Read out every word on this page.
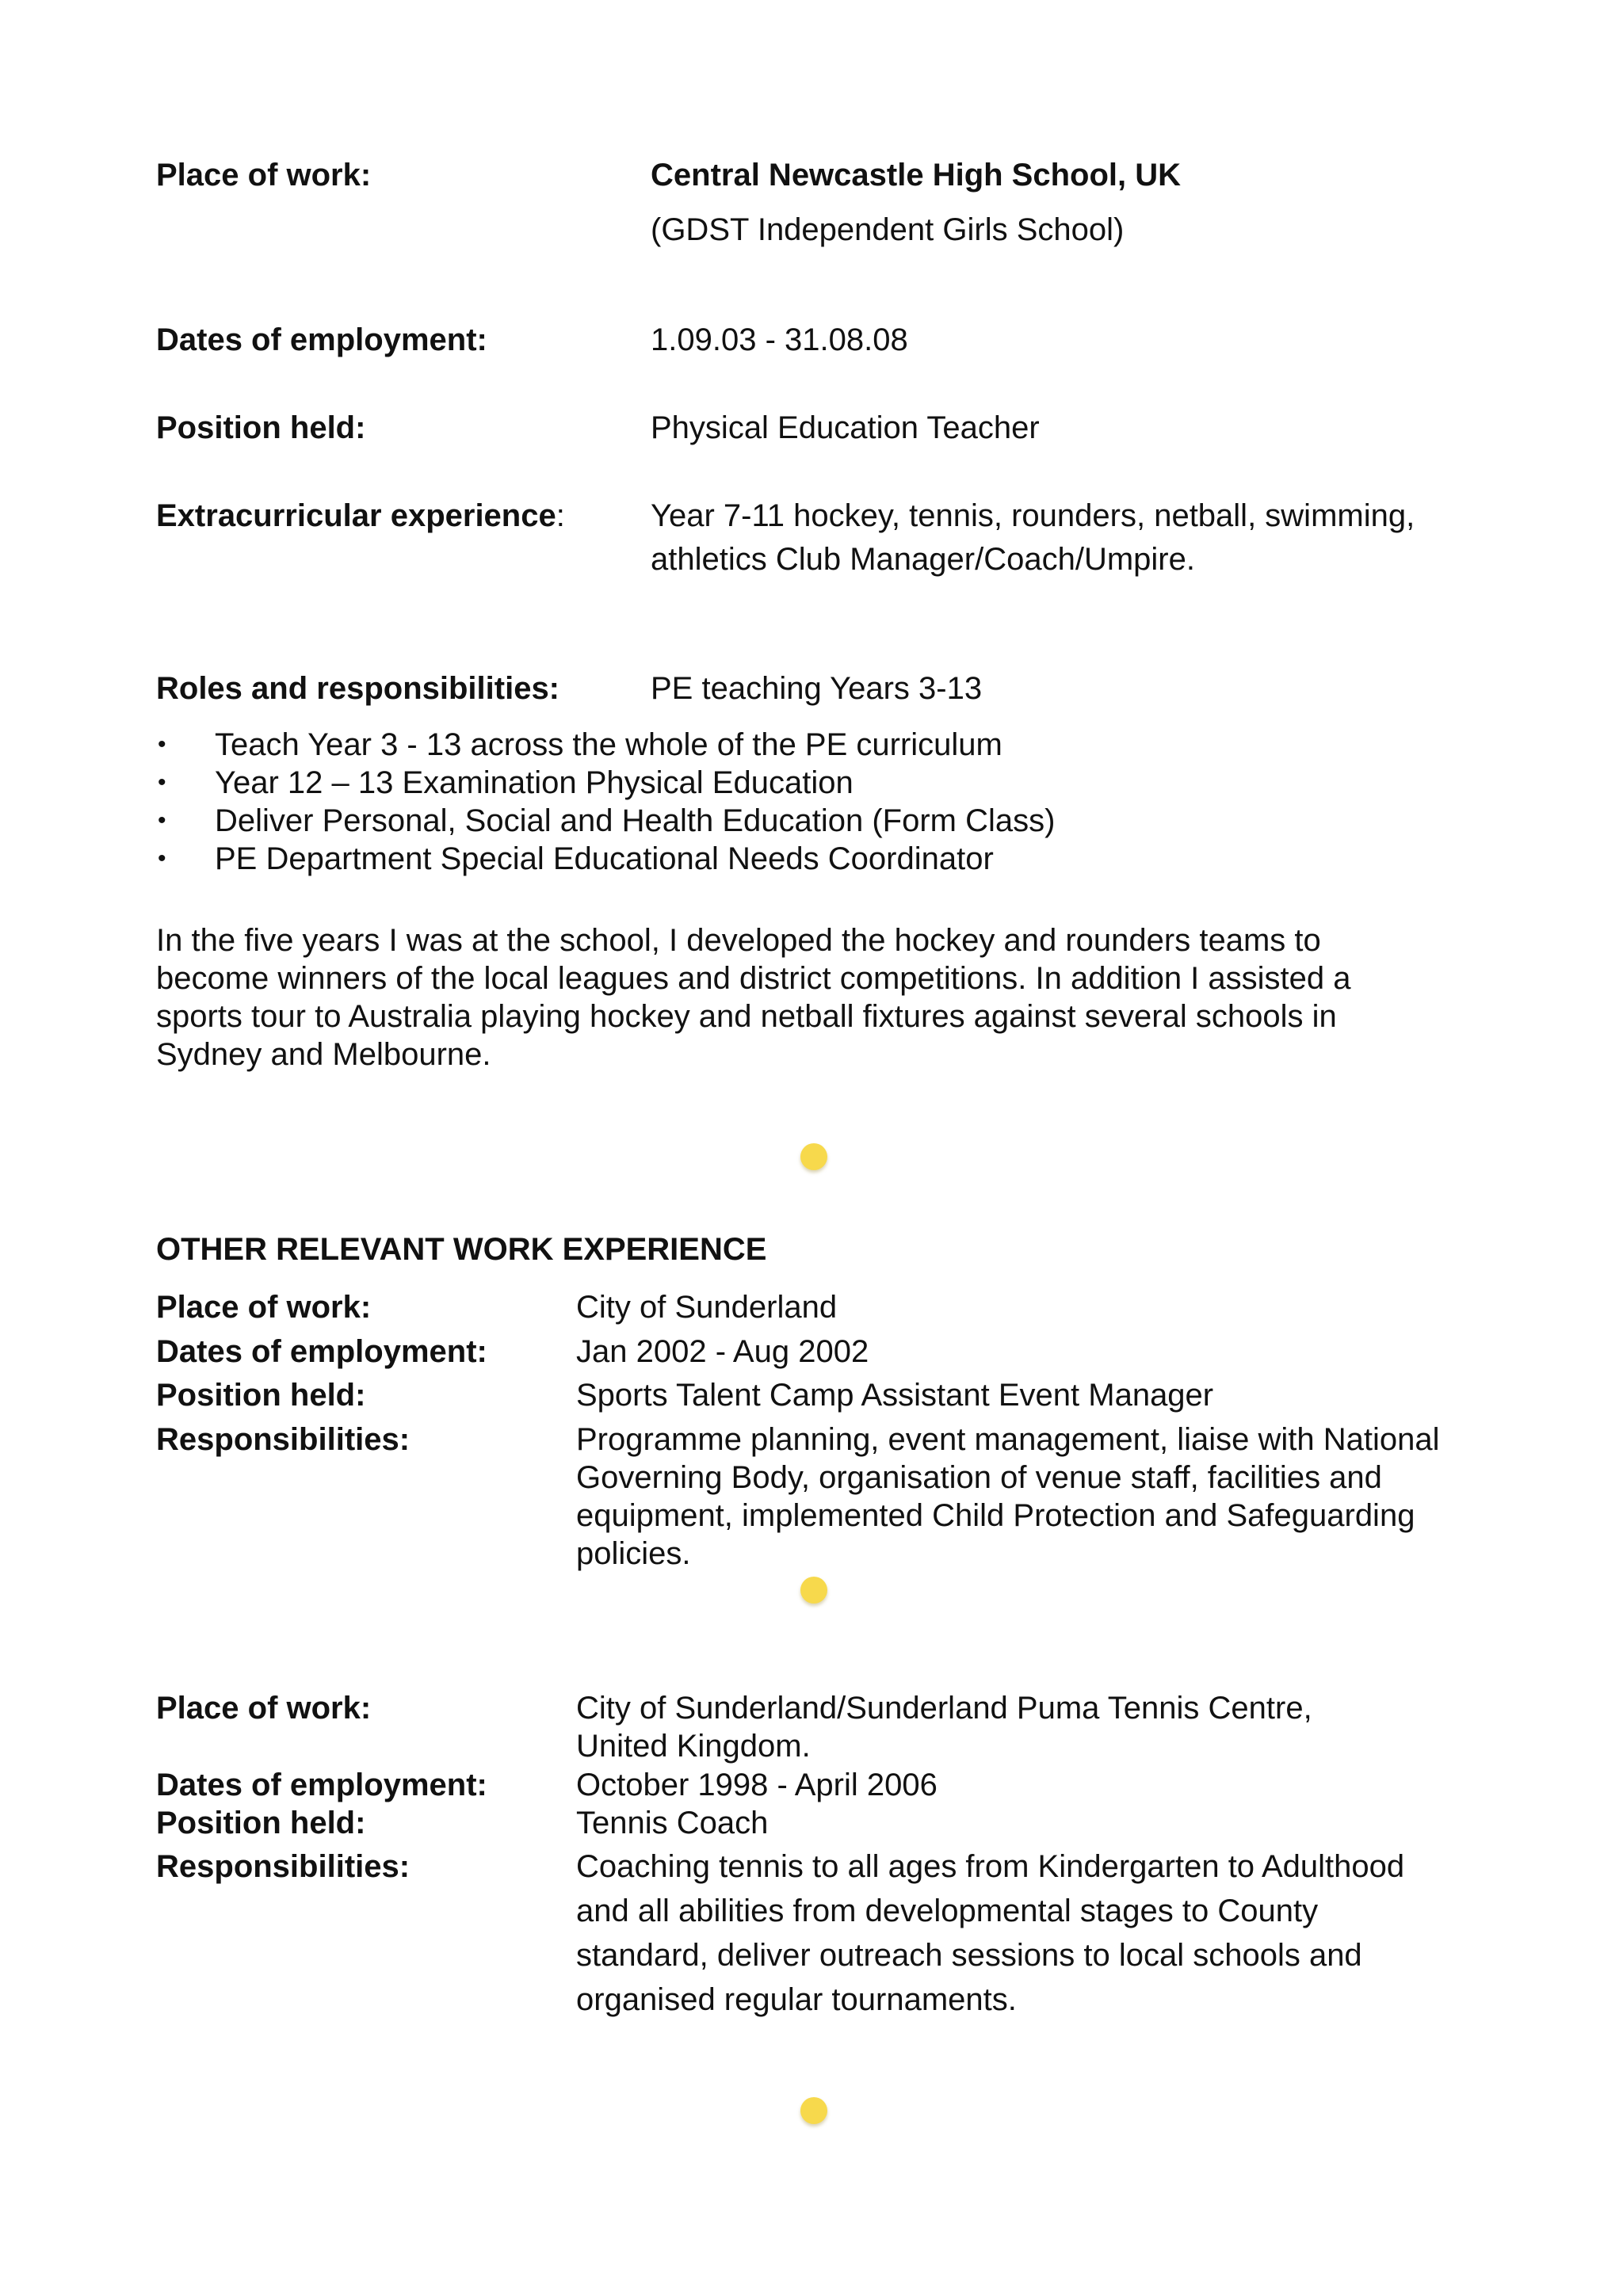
Place of work:	Central Newcastle High School, UK
(GDST Independent Girls School)
Dates of employment:	1.09.03 - 31.08.08
Position held:	Physical Education Teacher
Extracurricular experience:	Year 7-11 hockey, tennis, rounders, netball, swimming,
athletics Club Manager/Coach/Umpire.
Roles and responsibilities:	PE teaching Years 3-13
• Teach Year 3 - 13 across the whole of the PE curriculum
• Year 12 – 13 Examination Physical Education
• Deliver Personal, Social and Health Education (Form Class)
• PE Department Special Educational Needs Coordinator
In the five years I was at the school, I developed the hockey and rounders teams to
become winners of the local leagues and district competitions. In addition I assisted a
sports tour to Australia playing hockey and netball fixtures against several schools in
Sydney and Melbourne.
OTHER RELEVANT WORK EXPERIENCE
Place of work:	City of Sunderland
Dates of employment:	Jan 2002 - Aug 2002
Position held:	Sports Talent Camp Assistant Event Manager
Responsibilities:	Programme planning, event management, liaise with National
Governing Body, organisation of venue staff, facilities and
equipment, implemented Child Protection and Safeguarding
policies.
Place of work:	City of Sunderland/Sunderland Puma Tennis Centre,
United Kingdom.
Dates of employment:	October 1998 - April 2006
Position held:	Tennis Coach
Responsibilities:	Coaching tennis to all ages from Kindergarten to Adulthood
and all abilities from developmental stages to County
standard, deliver outreach sessions to local schools and
organised regular tournaments.
